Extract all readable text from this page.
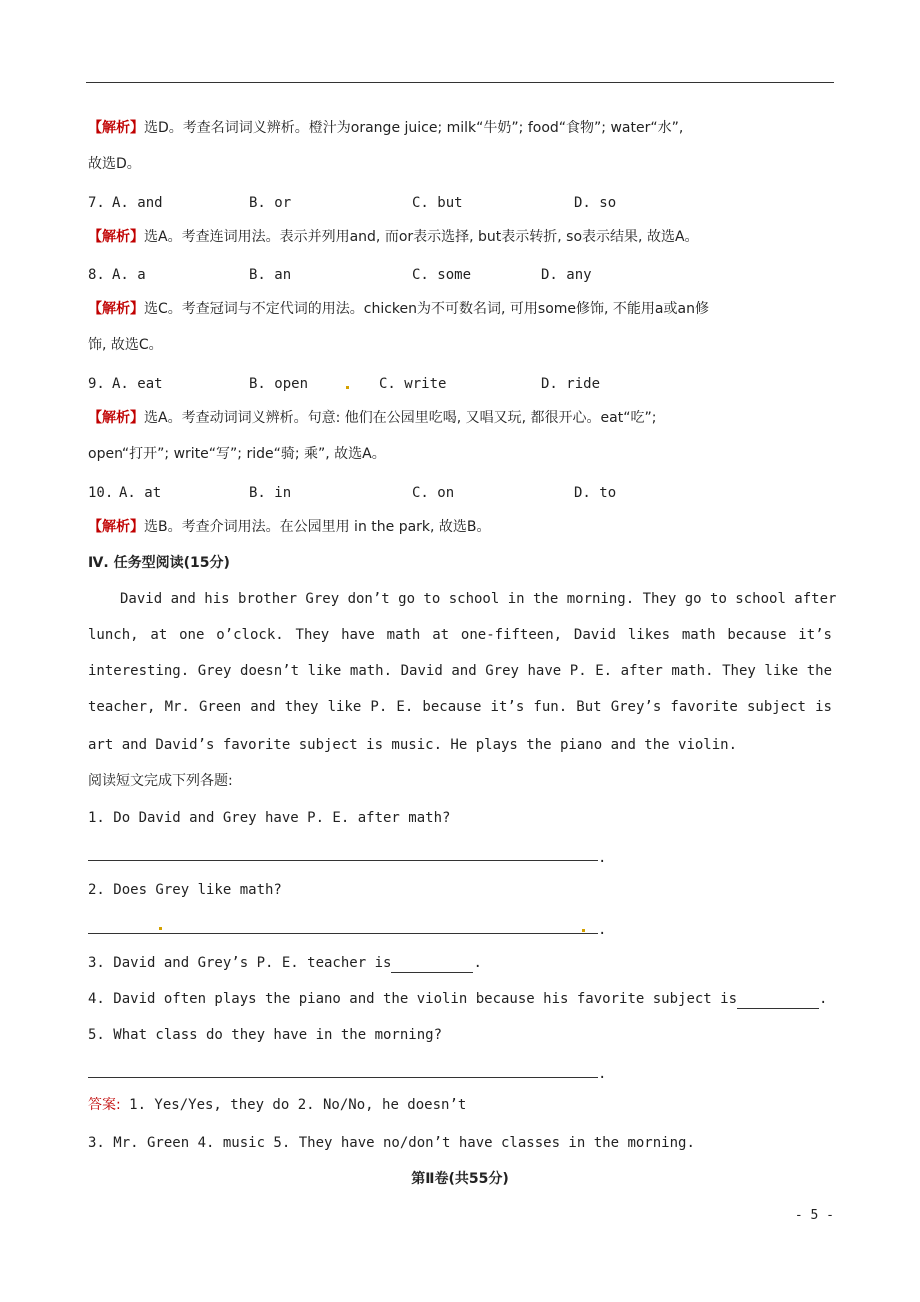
【解析】选D。考查名词词义辨析。橙汁为orange juice; milk“牛奶”; food“食物”; water“水”,
故选D。
7. A. and	B. or	C. but	D. so
【解析】选A。考查连词用法。表示并列用and, 而or表示选择, but表示转折, so表示结果, 故选A。
8. A. a	B. an	C. some	D. any
【解析】选C。考查冠词与不定代词的用法。chicken为不可数名词, 可用some修饰, 不能用a或an修
饰, 故选C。
9. A. eat	B. open	C. write	D. ride
【解析】选A。考查动词词义辨析。句意: 他们在公园里吃喝, 又唱又玩, 都很开心。eat“吃”;
open“打开”; write“写”; ride“骑; 乘”, 故选A。
10. A. at	B. in	C. on	D. to
【解析】选B。考查介词用法。在公园里用 in the park, 故选B。
Ⅳ. 任务型阅读(15分)
David and his brother Grey don’t go to school in the morning. They go to school after
lunch, at one o’clock. They have math at one-fifteen, David likes math because it’s
interesting. Grey doesn’t like math. David and Grey have P. E. after math. They like the
teacher, Mr. Green and they like P. E. because it’s fun. But Grey’s favorite subject is
art and David’s favorite subject is music. He plays the piano and the violin.
阅读短文完成下列各题:
1. Do David and Grey have P. E. after math?
.
2. Does Grey like math?
.
3. David and Grey’s P. E. teacher is	.
4. David often plays the piano and the violin because his favorite subject is	.
5. What class do they have in the morning?
.
答案: 1. Yes/Yes, they do 2. No/No, he doesn’t
3. Mr. Green 4. music 5. They have no/don’t have classes in the morning.
第Ⅱ卷(共55分)
- 5 -
